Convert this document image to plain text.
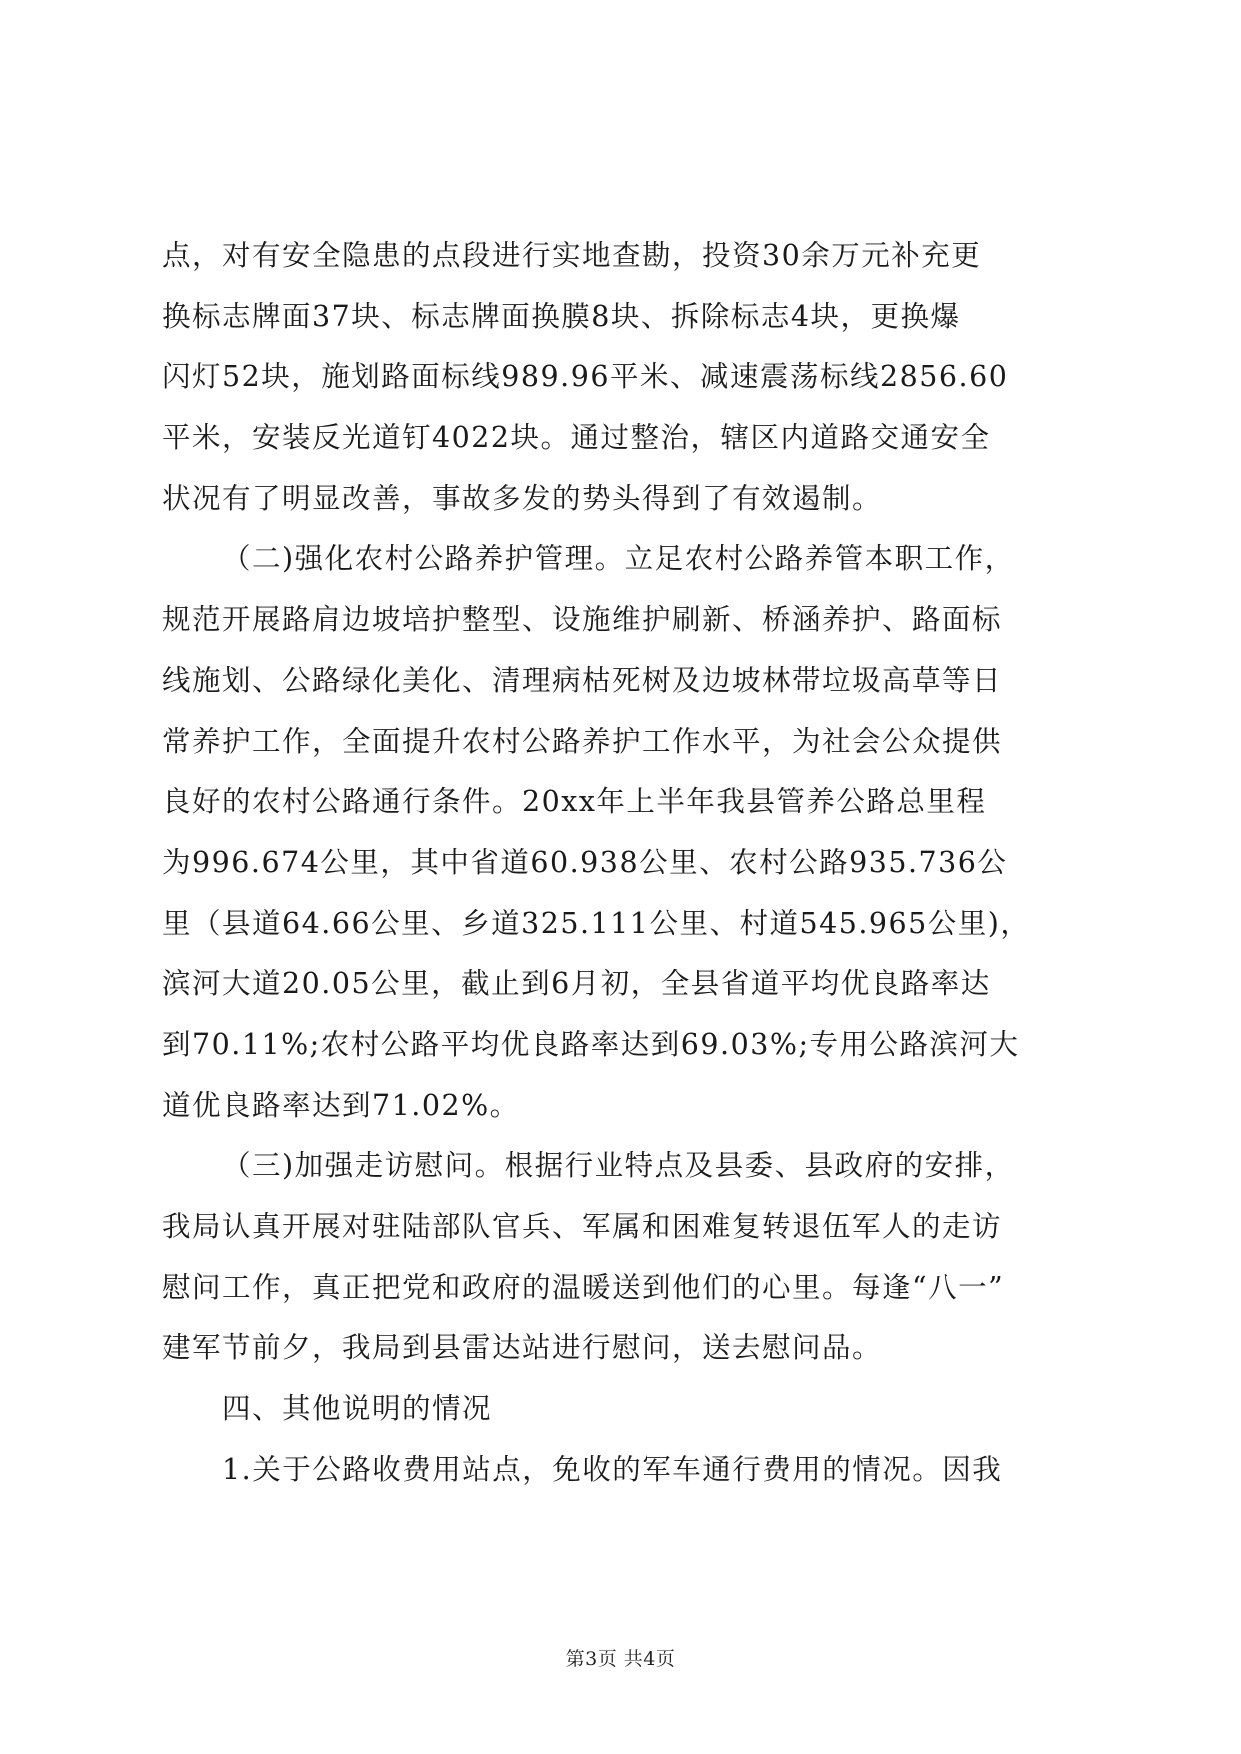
点，对有安全隐患的点段进行实地查勘，投资30余万元补充更
换标志牌面37块、标志牌面换膜8块、拆除标志4块，更换爆
闪灯52块，施划路面标线989.96平米、减速震荡标线2856.60
平米，安装反光道钉4022块。通过整治，辖区内道路交通安全
状况有了明显改善，事故多发的势头得到了有效遏制。
（二)强化农村公路养护管理。立足农村公路养管本职工作，
规范开展路肩边坡培护整型、设施维护刷新、桥涵养护、路面标
线施划、公路绿化美化、清理病枯死树及边坡林带垃圾高草等日
常养护工作，全面提升农村公路养护工作水平，为社会公众提供
良好的农村公路通行条件。20xx年上半年我县管养公路总里程
为996.674公里，其中省道60.938公里、农村公路935.736公
里（县道64.66公里、乡道325.111公里、村道545.965公里)，
滨河大道20.05公里，截止到6月初，全县省道平均优良路率达
到70.11%;农村公路平均优良路率达到69.03%;专用公路滨河大
道优良路率达到71.02%。
（三)加强走访慰问。根据行业特点及县委、县政府的安排，
我局认真开展对驻陆部队官兵、军属和困难复转退伍军人的走访
慰问工作，真正把党和政府的温暖送到他们的心里。每逢“八一”
建军节前夕，我局到县雷达站进行慰问，送去慰问品。
四、其他说明的情况
1.关于公路收费用站点，免收的军车通行费用的情况。因我
第3页 共4页
